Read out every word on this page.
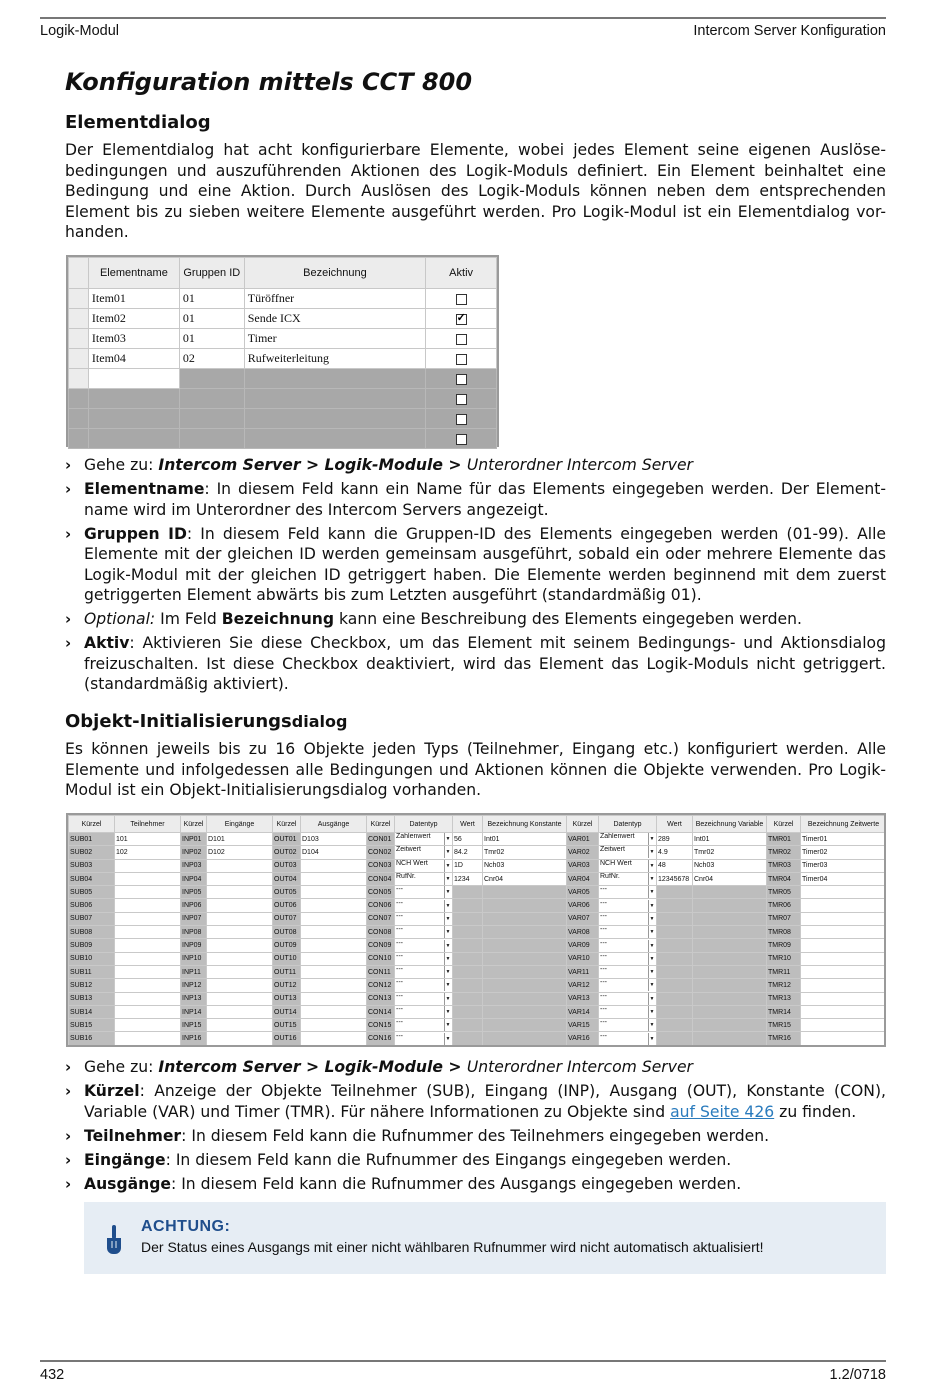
Logik-Modul	Intercom Server Konfiguration
Konfiguration mittels CCT 800
Elementdialog

Der Elementdialog hat acht konfigurierbare Elemente, wobei jedes Element seine eigenen Auslöse-bedingungen und auszuführenden Aktionen des Logik-Moduls definiert. Ein Element beinhaltet eine Bedingung und eine Aktion. Durch Auslösen des Logik-Moduls können neben dem entsprechenden Element bis zu sieben weitere Elemente ausgeführt werden. Pro Logik-Modul ist ein Elementdialog vor-handen.

	Elementname	Gruppen ID	Bezeichnung	Aktiv
	Item01	01	Türöffner	
	Item02	01	Sende ICX	✓
	Item03	01	Timer	
	Item04	02	Rufweiterleitung	

› Gehe zu: Intercom Server > Logik-Module > Unterordner Intercom Server
› Elementname: In diesem Feld kann ein Name für das Elements eingegeben werden. Der Element-name wird im Unterordner des Intercom Servers angezeigt.
› Gruppen ID: In diesem Feld kann die Gruppen-ID des Elements eingegeben werden (01-99). Alle Elemente mit der gleichen ID werden gemeinsam ausgeführt, sobald ein oder mehrere Elemente das Logik-Modul mit der gleichen ID getriggert haben. Die Elemente werden beginnend mit dem zuerst getriggerten Element abwärts bis zum Letzten ausgeführt (standardmäßig 01).
› Optional: Im Feld Bezeichnung kann eine Beschreibung des Elements eingegeben werden.
› Aktiv: Aktivieren Sie diese Checkbox, um das Element mit seinem Bedingungs- und Aktionsdialog freizuschalten. Ist diese Checkbox deaktiviert, wird das Element das Logik-Moduls nicht getriggert. (standardmäßig aktiviert).
Objekt-Initialisierungsdialog

Es können jeweils bis zu 16 Objekte jeden Typs (Teilnehmer, Eingang etc.) konfiguriert werden. Alle Elemente und infolgedessen alle Bedingungen und Aktionen können die Objekte verwenden. Pro Logik-Modul ist ein Objekt-Initialisierungsdialog vorhanden.

Kürzel	Teilnehmer	Kürzel	Eingänge	Kürzel	Ausgänge	Kürzel	Datentyp	Wert	Bezeichnung Konstante	Kürzel	Datentyp	Wert	Bezeichnung Variable	Kürzel	Bezeichnung Zeitwerte
SUB01	101	INP01	D101	OUT01	D103	CON01	Zahlenwert ▼	56	Int01	VAR01	Zahlenwert ▼	289	Int01	TMR01	Timer01
SUB02	102	INP02	D102	OUT02	D104	CON02	Zeitwert ▼	84.2	Tmr02	VAR02	Zeitwert ▼	4.9	Tmr02	TMR02	Timer02
SUB03		INP03		OUT03		CON03	NCH Wert ▼	1D	Nch03	VAR03	NCH Wert ▼	48	Nch03	TMR03	Timer03
SUB04		INP04		OUT04		CON04	RufNr. ▼	1234	Cnr04	VAR04	RufNr. ▼	12345678	Cnr04	TMR04	Timer04
SUB05		INP05		OUT05		CON05	--- ▼			VAR05	--- ▼			TMR05	
SUB06		INP06		OUT06		CON06	--- ▼			VAR06	--- ▼			TMR06	
SUB07		INP07		OUT07		CON07	--- ▼			VAR07	--- ▼			TMR07	
SUB08		INP08		OUT08		CON08	--- ▼			VAR08	--- ▼			TMR08	
SUB09		INP09		OUT09		CON09	--- ▼			VAR09	--- ▼			TMR09	
SUB10		INP10		OUT10		CON10	--- ▼			VAR10	--- ▼			TMR10	
SUB11		INP11		OUT11		CON11	--- ▼			VAR11	--- ▼			TMR11	
SUB12		INP12		OUT12		CON12	--- ▼			VAR12	--- ▼			TMR12	
SUB13		INP13		OUT13		CON13	--- ▼			VAR13	--- ▼			TMR13	
SUB14		INP14		OUT14		CON14	--- ▼			VAR14	--- ▼			TMR14	
SUB15		INP15		OUT15		CON15	--- ▼			VAR15	--- ▼			TMR15	
SUB16		INP16		OUT16		CON16	--- ▼			VAR16	--- ▼			TMR16	
› Gehe zu: Intercom Server > Logik-Module > Unterordner Intercom Server
› Kürzel: Anzeige der Objekte Teilnehmer (SUB), Eingang (INP), Ausgang (OUT), Konstante (CON), Variable (VAR) und Timer (TMR). Für nähere Informationen zu Objekte sind auf Seite 426 zu finden.
› Teilnehmer: In diesem Feld kann die Rufnummer des Teilnehmers eingegeben werden.
› Eingänge: In diesem Feld kann die Rufnummer des Eingangs eingegeben werden.
› Ausgänge: In diesem Feld kann die Rufnummer des Ausgangs eingegeben werden.
ACHTUNG:
Der Status eines Ausgangs mit einer nicht wählbaren Rufnummer wird nicht automatisch aktualisiert!
432	1.2/0718
